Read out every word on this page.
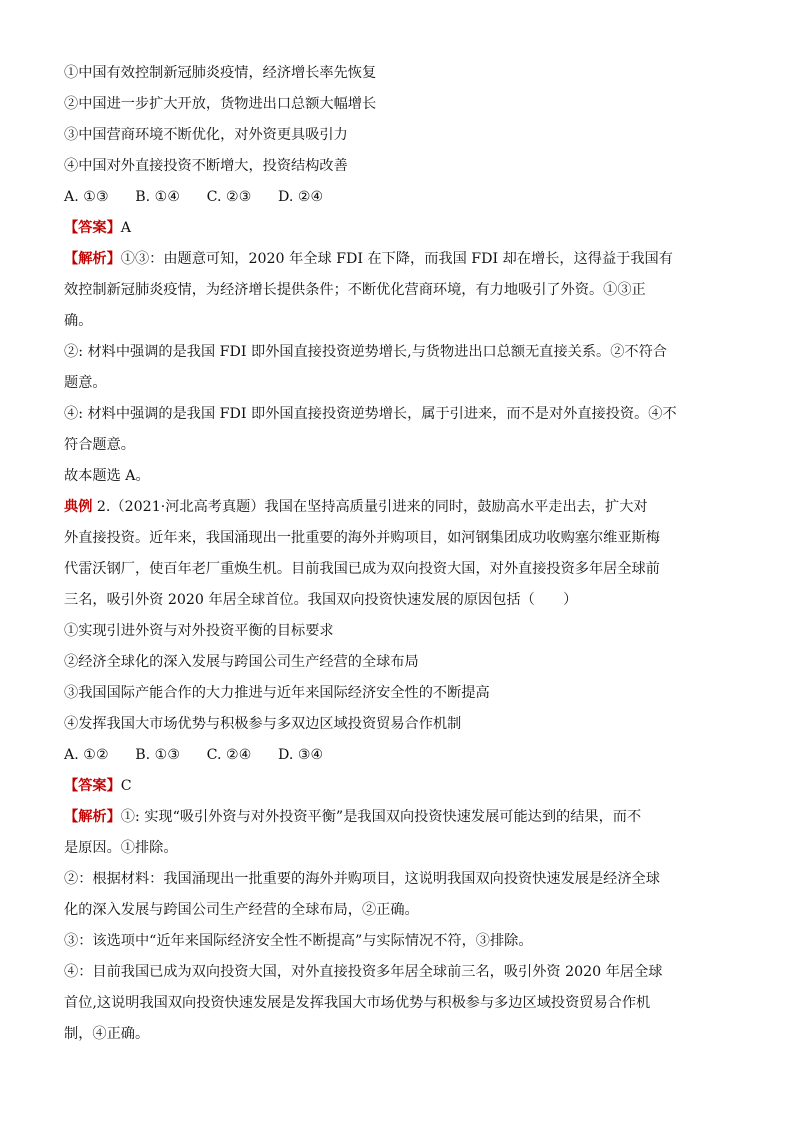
①中国有效控制新冠肺炎疫情，经济增长率先恢复
②中国进一步扩大开放，货物进出口总额大幅增长
③中国营商环境不断优化，对外资更具吸引力
④中国对外直接投资不断增大，投资结构改善
A. ①③ B. ①④ C. ②③ D. ②④
【答案】A
【解析】①③：由题意可知，2020 年全球 FDI 在下降，而我国 FDI 却在增长，这得益于我国有
效控制新冠肺炎疫情，为经济增长提供条件；不断优化营商环境，有力地吸引了外资。①③正
确。
②: 材料中强调的是我国 FDI 即外国直接投资逆势增长,与货物进出口总额无直接关系。②不符合
题意。
④: 材料中强调的是我国 FDI 即外国直接投资逆势增长，属于引进来，而不是对外直接投资。④不
符合题意。
故本题选 A。
典例 2.（2021·河北高考真题）我国在坚持高质量引进来的同时，鼓励高水平走出去，扩大对
外直接投资。近年来，我国涌现出一批重要的海外并购项目，如河钢集团成功收购塞尔维亚斯梅
代雷沃钢厂，使百年老厂重焕生机。目前我国已成为双向投资大国，对外直接投资多年居全球前
三名，吸引外资 2020 年居全球首位。我国双向投资快速发展的原因包括（　　）
①实现引进外资与对外投资平衡的目标要求
②经济全球化的深入发展与跨国公司生产经营的全球布局
③我国国际产能合作的大力推进与近年来国际经济安全性的不断提高
④发挥我国大市场优势与积极参与多双边区域投资贸易合作机制
A. ①② B. ①③ C. ②④ D. ③④
【答案】C
【解析】①: 实现“吸引外资与对外投资平衡”是我国双向投资快速发展可能达到的结果，而不
是原因。①排除。
②：根据材料：我国涌现出一批重要的海外并购项目，这说明我国双向投资快速发展是经济全球
化的深入发展与跨国公司生产经营的全球布局，②正确。
③：该选项中“近年来国际经济安全性不断提高”与实际情况不符，③排除。
④：目前我国已成为双向投资大国，对外直接投资多年居全球前三名，吸引外资 2020 年居全球
首位,这说明我国双向投资快速发展是发挥我国大市场优势与积极参与多边区域投资贸易合作机
制，④正确。
